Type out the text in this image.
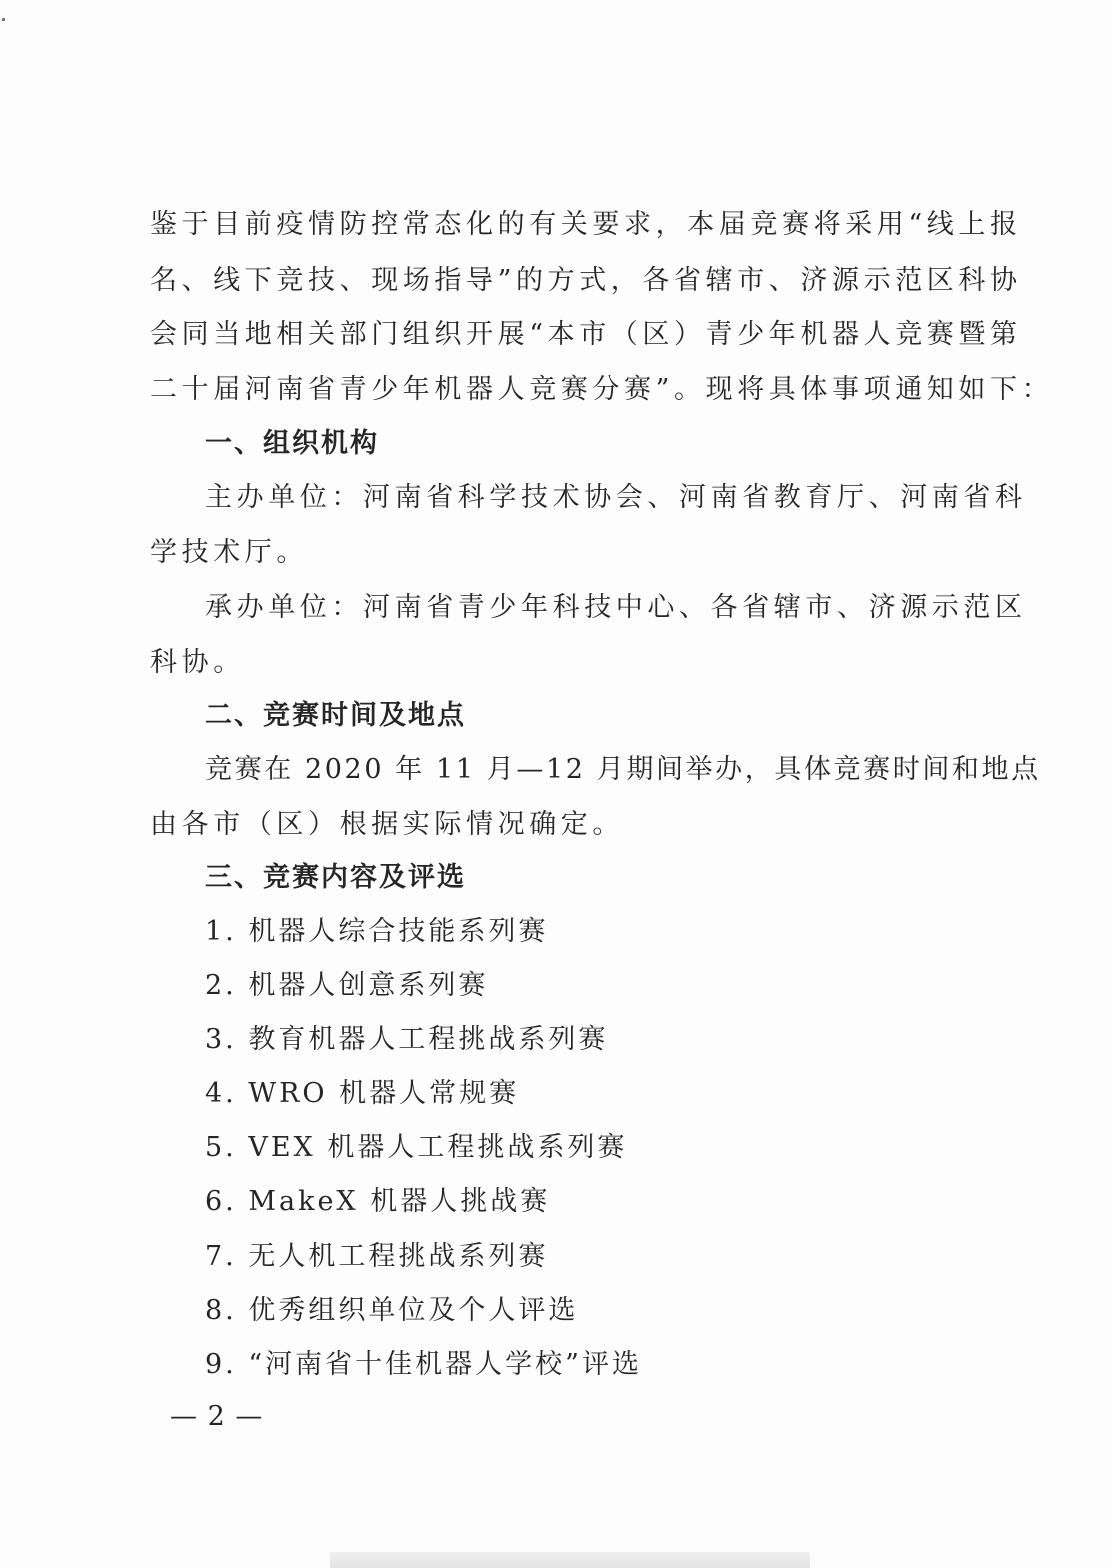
鉴于目前疫情防控常态化的有关要求，本届竞赛将采用“线上报
名、线下竞技、现场指导”的方式，各省辖市、济源示范区科协
会同当地相关部门组织开展“本市（区）青少年机器人竞赛暨第
二十届河南省青少年机器人竞赛分赛”。现将具体事项通知如下：
一、组织机构
主办单位：河南省科学技术协会、河南省教育厅、河南省科
学技术厅。
承办单位：河南省青少年科技中心、各省辖市、济源示范区
科协。
二、竞赛时间及地点
竞赛在 2020 年 11 月—12 月期间举办，具体竞赛时间和地点
由各市（区）根据实际情况确定。
三、竞赛内容及评选
1. 机器人综合技能系列赛
2. 机器人创意系列赛
3. 教育机器人工程挑战系列赛
4. WRO 机器人常规赛
5. VEX 机器人工程挑战系列赛
6. MakeX 机器人挑战赛
7. 无人机工程挑战系列赛
8. 优秀组织单位及个人评选
9. “河南省十佳机器人学校”评选
— 2 —
